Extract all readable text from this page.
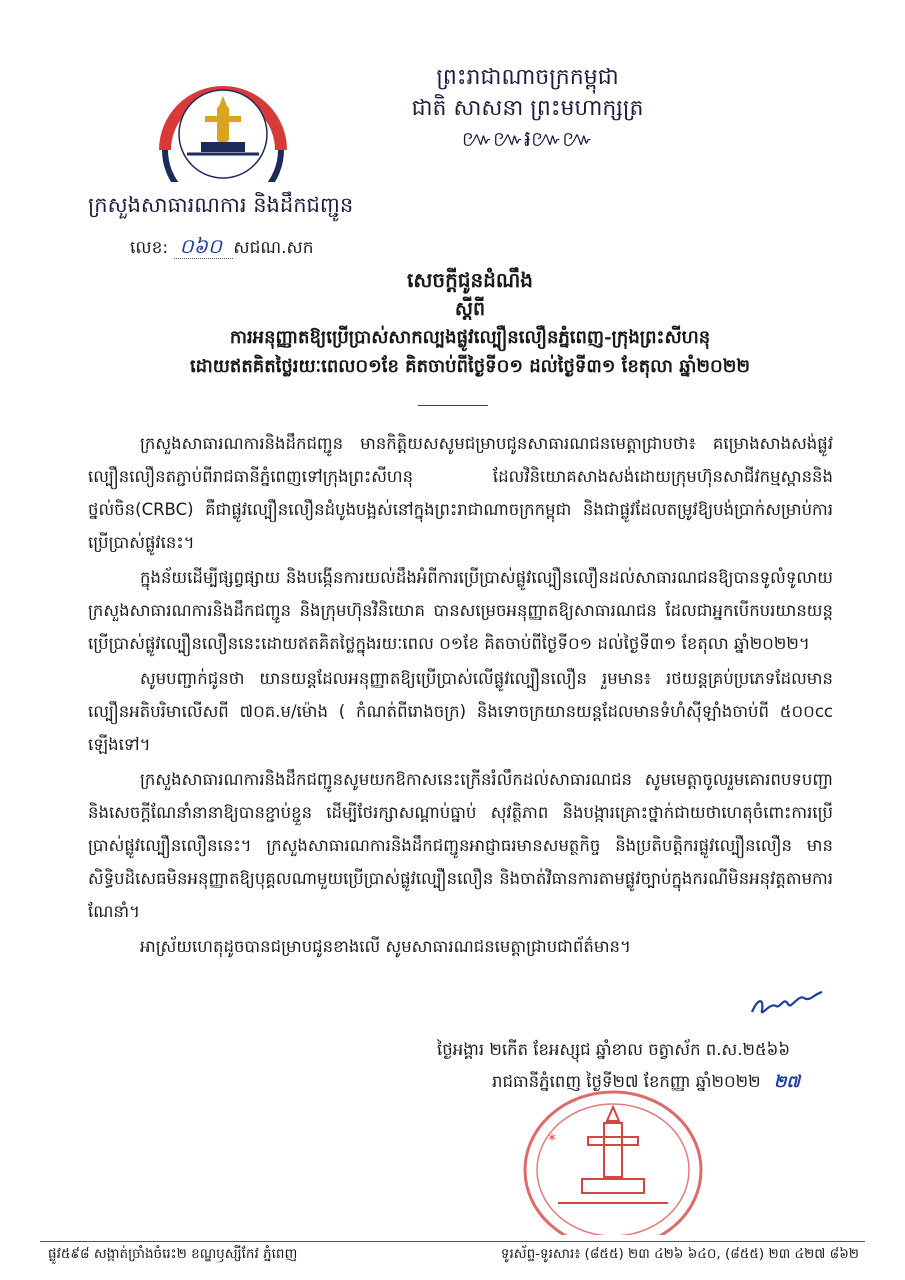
ព្រះរាជាណាចក្រកម្ពុជា
ជាតិ សាសនា ព្រះមហាក្សត្រ
៚៚៛៚៚
ក្រសួងសាធារណការ និងដឹកជញ្ជូន
លេខ: ០៦០ សជណ.សក
សេចក្ដីជូនដំណឹង
ស្ដីពី
ការអនុញ្ញាតឱ្យប្រើប្រាស់សាកល្បងផ្លូវល្បឿនលឿនភ្នំពេញ-ក្រុងព្រះសីហនុ
ដោយឥតគិតថ្លៃរយៈពេល០១ខែ គិតចាប់ពីថ្ងៃទី០១ ដល់ថ្ងៃទី៣១ ខែតុលា ឆ្នាំ២០២២

ក្រសួងសាធារណការនិងដឹកជញ្ជូន មានកិត្តិយសសូមជម្រាបជូនសាធារណជនមេត្តាជ្រាបថា៖ គម្រោងសាងសង់ផ្លូវល្បឿនលឿនតភ្ជាប់ពីរាជធានីភ្នំពេញទៅក្រុងព្រះសីហនុ ដែលវិនិយោគសាងសង់ដោយក្រុមហ៊ុនសាជីវកម្មស្ពាននិងថ្នល់ចិន(CRBC) គឺជាផ្លូវល្បឿនលឿនដំបូងបង្អស់នៅក្នុងព្រះរាជាណាចក្រកម្ពុជា និងជាផ្លូវដែលតម្រូវឱ្យបង់ប្រាក់សម្រាប់ការប្រើប្រាស់ផ្លូវនេះ។

ក្នុងន័យដើម្បីផ្សព្វផ្សាយ និងបង្កើនការយល់ដឹងអំពីការប្រើប្រាស់ផ្លូវល្បឿនលឿនដល់សាធារណជនឱ្យបានទូលំទូលាយ ក្រសួងសាធារណការនិងដឹកជញ្ជូន និងក្រុមហ៊ុនវិនិយោគ បានសម្រេចអនុញ្ញាតឱ្យសាធារណជន ដែលជាអ្នកបើកបរយានយន្តប្រើប្រាស់ផ្លូវល្បឿនលឿននេះដោយឥតគិតថ្លៃក្នុងរយៈពេល ០១ខែ គិតចាប់ពីថ្ងៃទី០១ ដល់ថ្ងៃទី៣១ ខែតុលា ឆ្នាំ២០២២។

សូមបញ្ជាក់ជូនថា យានយន្តដែលអនុញ្ញាតឱ្យប្រើប្រាស់លើផ្លូវល្បឿនលឿន រួមមាន៖ រថយន្តគ្រប់ប្រភេទដែលមានល្បឿនអតិបរិមាលើសពី ៧០គ.ម/ម៉ោង ( កំណត់ពីរោងចក្រ) និងទោចក្រយានយន្តដែលមានទំហំស៊ីឡាំងចាប់ពី ៥០០cc ឡើងទៅ។

ក្រសួងសាធារណការនិងដឹកជញ្ជូនសូមយកឱកាសនេះក្រើនរំលឹកដល់សាធារណជន សូមមេត្តាចូលរួមគោរពបទបញ្ជា និងសេចក្ដីណែនាំនានាឱ្យបានខ្ជាប់ខ្ជួន ដើម្បីថែរក្សាសណ្ដាប់ធ្នាប់ សុវត្ថិភាព និងបង្ការគ្រោះថ្នាក់ជាយថាហេតុចំពោះការប្រើប្រាស់ផ្លូវល្បឿនលឿននេះ។ ក្រសួងសាធារណការនិងដឹកជញ្ជូនអាជ្ញាធរមានសមត្ថកិច្ច និងប្រតិបត្តិករផ្លូវល្បឿនលឿន មានសិទ្ធិបដិសេធមិនអនុញ្ញាតឱ្យបុគ្គលណាមួយប្រើប្រាស់ផ្លូវល្បឿនលឿន និងចាត់វិធានការតាមផ្លូវច្បាប់ក្នុងករណីមិនអនុវត្តតាមការណែនាំ។

អាស្រ័យហេតុដូចបានជម្រាបជូនខាងលើ សូមសាធារណជនមេត្តាជ្រាបជាព័ត៌មាន។

ថ្ងៃអង្គារ ២កើត ខែអស្សុជ ឆ្នាំខាល ចត្វាស័ក ព.ស.២៥៦៦
រាជធានីភ្នំពេញ ថ្ងៃទី២៧ ខែកញ្ញា ឆ្នាំ២០២២ ២៧
*
ផ្លូវ៥៩៨ សង្កាត់ច្រាំងចំរេះ២ ខណ្ឌឫស្សីកែវ ភ្នំពេញ	ទូរស័ព្ទ-ទូរសារ៖ (៨៥៥) ២៣ ៤២៦ ៦៤០, (៨៥៥) ២៣ ៤២៧ ៨៦២
